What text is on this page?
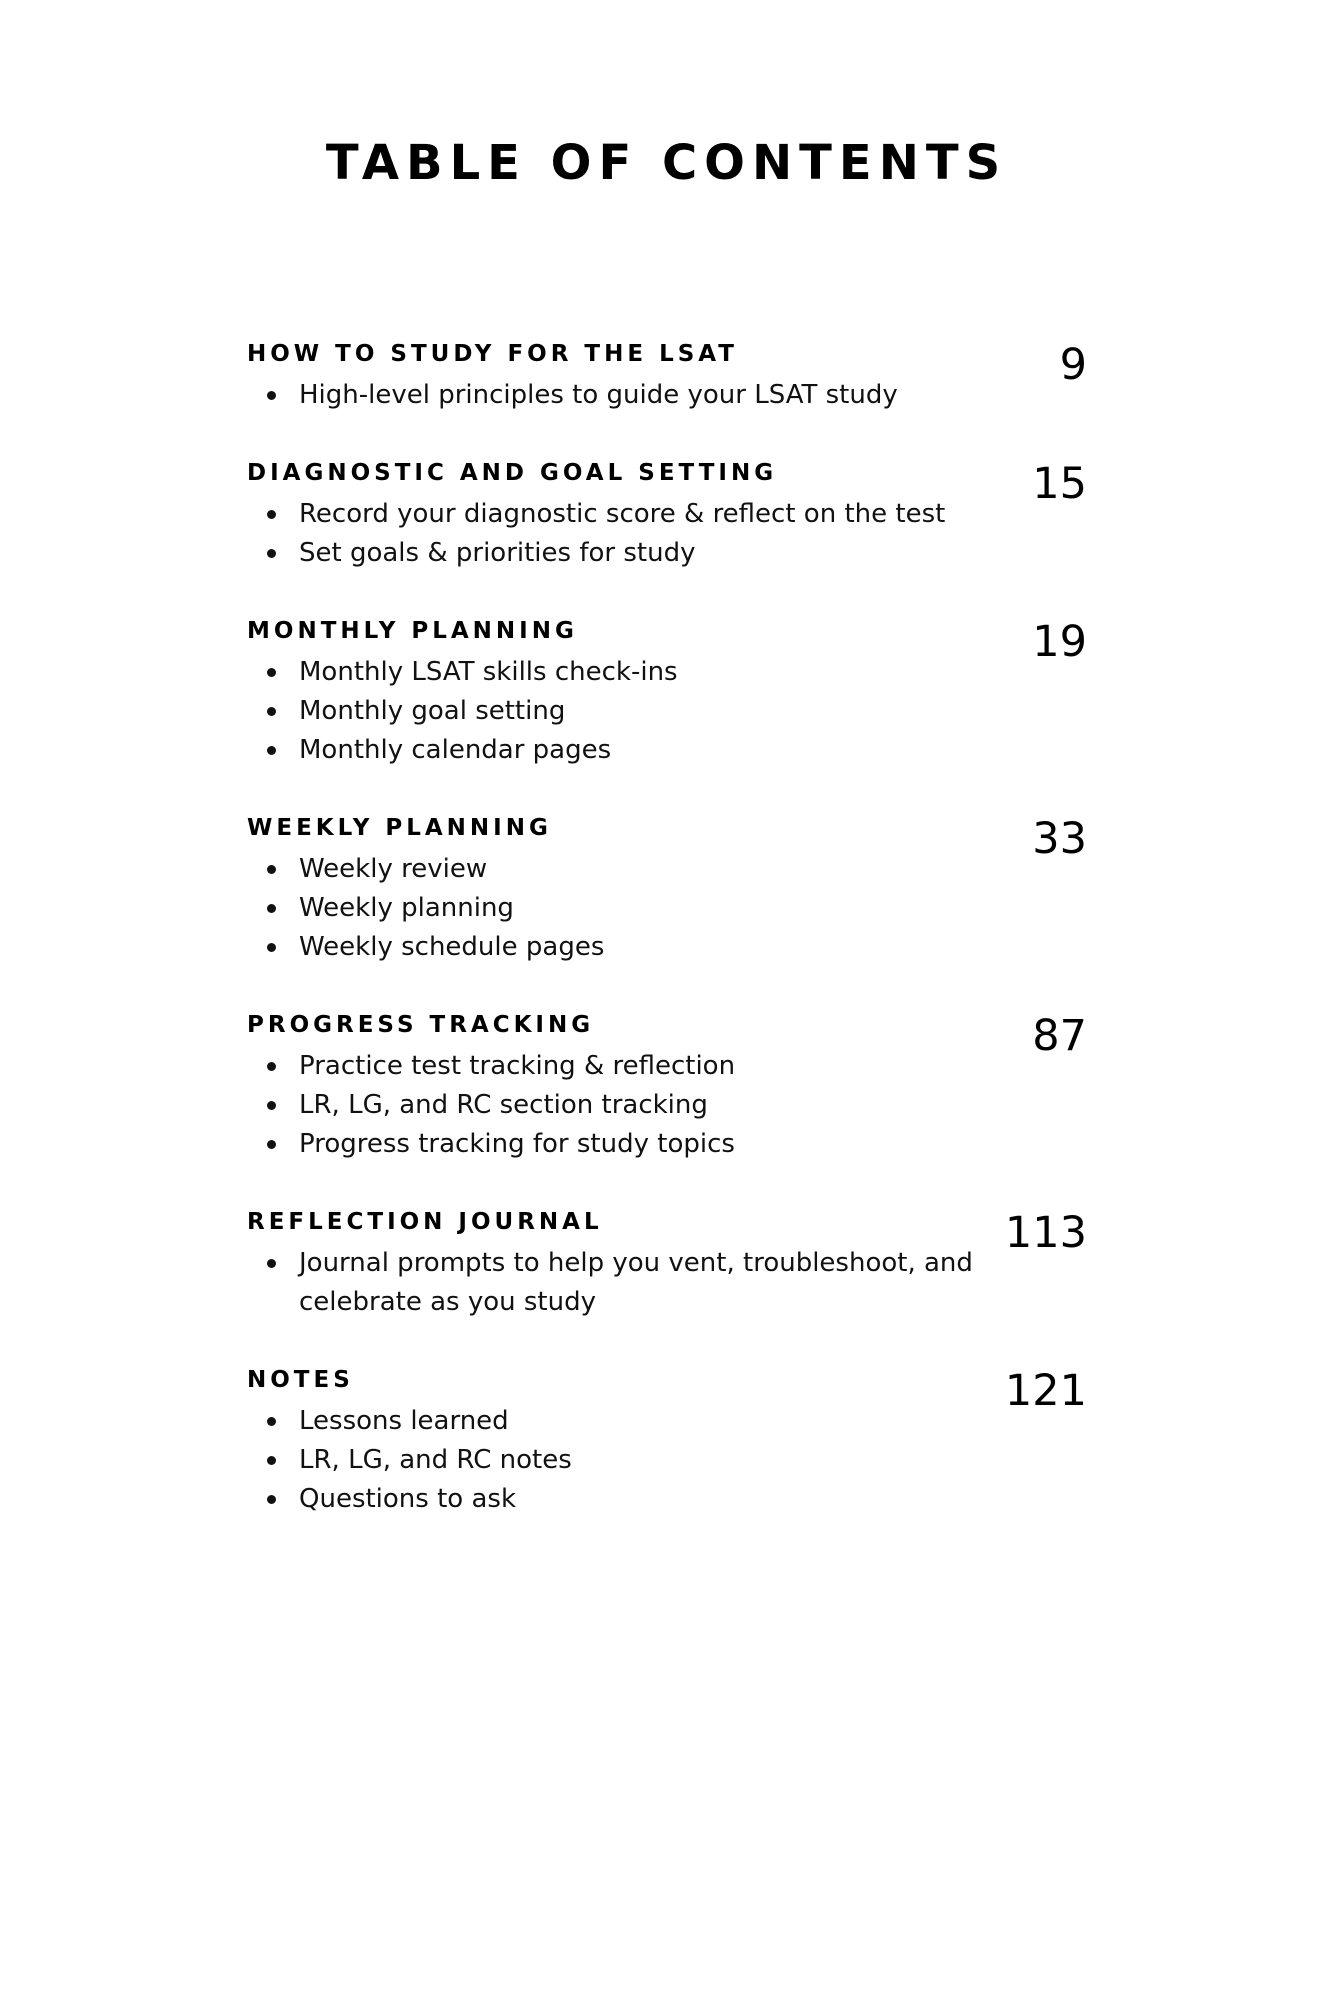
TABLE OF CONTENTS
HOW TO STUDY FOR THE LSAT	9
High-level principles to guide your LSAT study
DIAGNOSTIC AND GOAL SETTING	15
Record your diagnostic score & reflect on the test
Set goals & priorities for study
MONTHLY PLANNING	19
Monthly LSAT skills check-ins
Monthly goal setting
Monthly calendar pages
WEEKLY PLANNING	33
Weekly review
Weekly planning
Weekly schedule pages
PROGRESS TRACKING	87
Practice test tracking & reflection
LR, LG, and RC section tracking
Progress tracking for study topics
REFLECTION JOURNAL	113
Journal prompts to help you vent, troubleshoot, and celebrate as you study
NOTES	121
Lessons learned
LR, LG, and RC notes
Questions to ask
